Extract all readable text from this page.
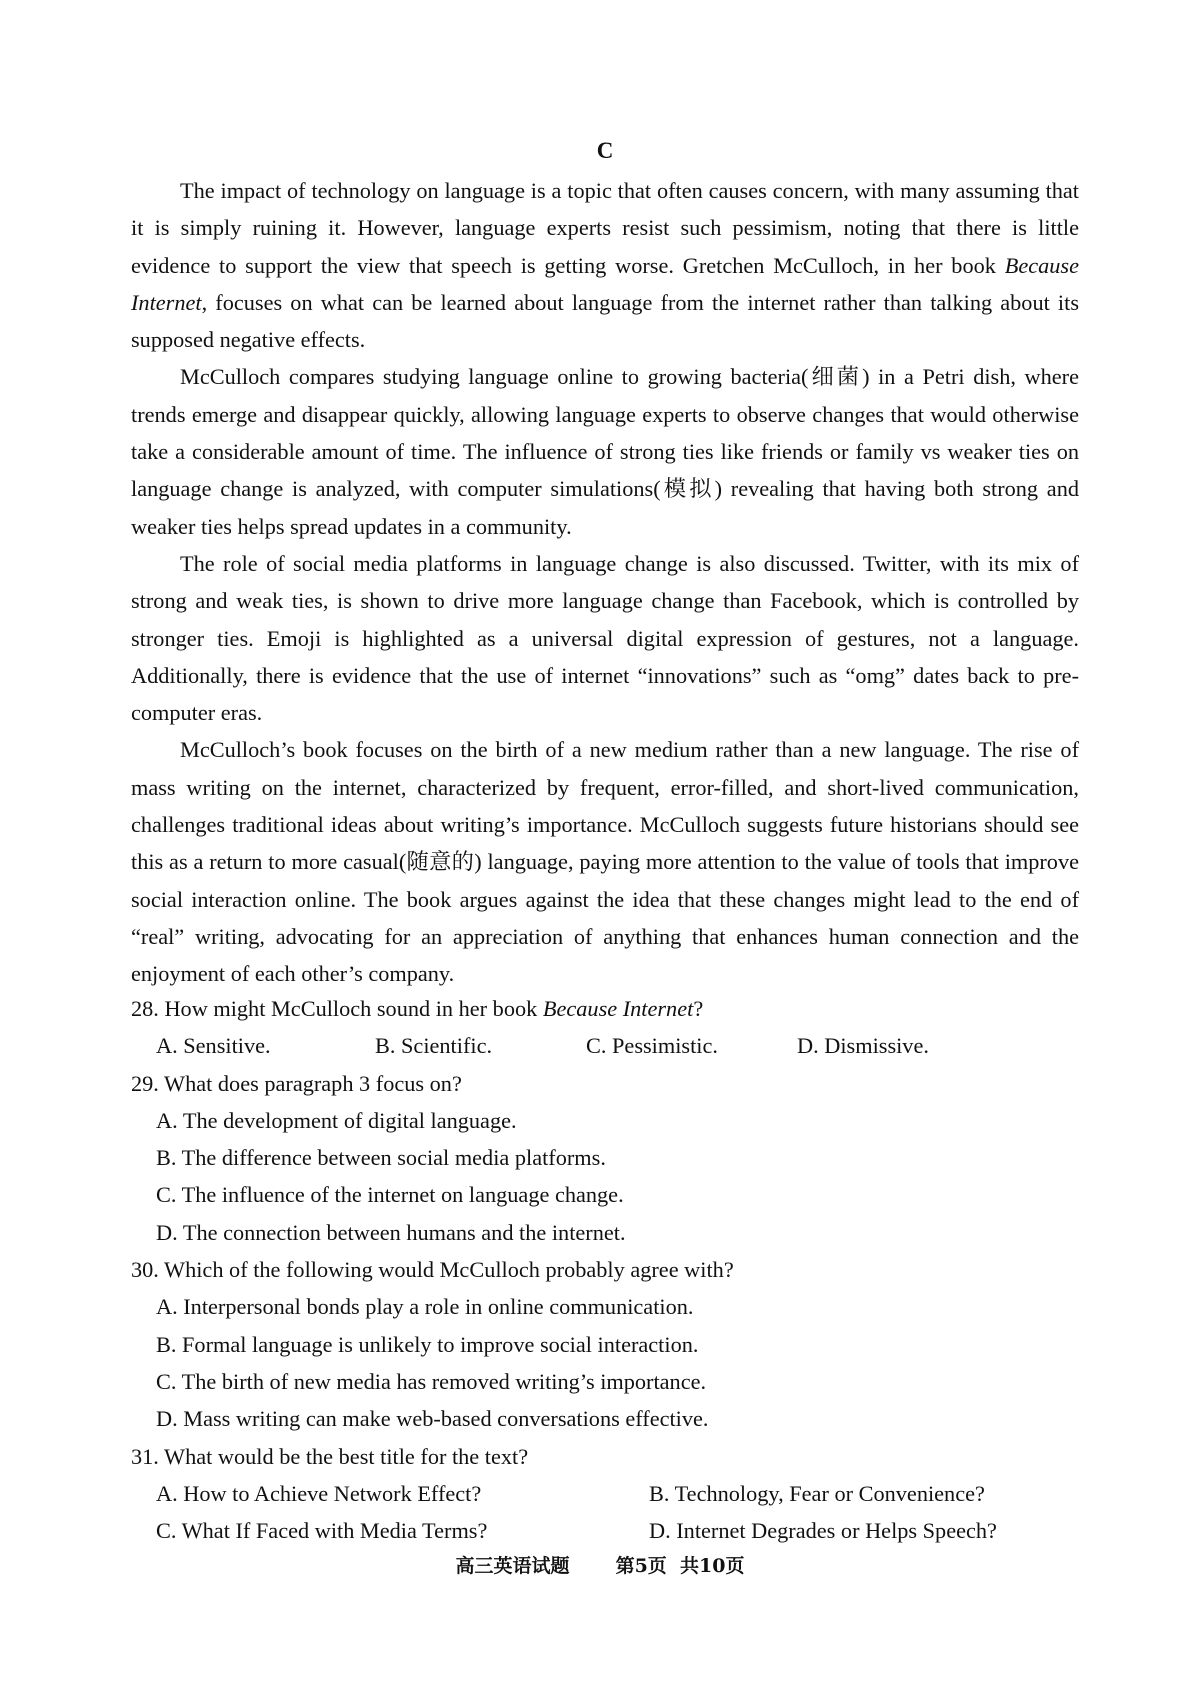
C

The impact of technology on language is a topic that often causes concern, with many assuming that it is simply ruining it. However, language experts resist such pessimism, noting that there is little evidence to support the view that speech is getting worse. Gretchen McCulloch, in her book Because Internet, focuses on what can be learned about language from the internet rather than talking about its supposed negative effects.

McCulloch compares studying language online to growing bacteria(细菌) in a Petri dish, where trends emerge and disappear quickly, allowing language experts to observe changes that would otherwise take a considerable amount of time. The influence of strong ties like friends or family vs weaker ties on language change is analyzed, with computer simulations(模拟) revealing that having both strong and weaker ties helps spread updates in a community.

The role of social media platforms in language change is also discussed. Twitter, with its mix of strong and weak ties, is shown to drive more language change than Facebook, which is controlled by stronger ties. Emoji is highlighted as a universal digital expression of gestures, not a language. Additionally, there is evidence that the use of internet “innovations” such as “omg” dates back to pre-computer eras.

McCulloch’s book focuses on the birth of a new medium rather than a new language. The rise of mass writing on the internet, characterized by frequent, error-filled, and short-lived communication, challenges traditional ideas about writing’s importance. McCulloch suggests future historians should see this as a return to more casual(随意的) language, paying more attention to the value of tools that improve social interaction online. The book argues against the idea that these changes might lead to the end of “real” writing, advocating for an appreciation of anything that enhances human connection and the enjoyment of each other’s company.

28. How might McCulloch sound in her book Because Internet?

A. Sensitive.	B. Scientific.	C. Pessimistic.	D. Dismissive.

29. What does paragraph 3 focus on?

A. The development of digital language.
B. The difference between social media platforms.
C. The influence of the internet on language change.
D. The connection between humans and the internet.

30. Which of the following would McCulloch probably agree with?

A. Interpersonal bonds play a role in online communication.
B. Formal language is unlikely to improve social interaction.
C. The birth of new media has removed writing’s importance.
D. Mass writing can make web-based conversations effective.

31. What would be the best title for the text?

A. How to Achieve Network Effect?	B. Technology, Fear or Convenience?
C. What If Faced with Media Terms?	D. Internet Degrades or Helps Speech?
高三英语试题 第5页  共10页
